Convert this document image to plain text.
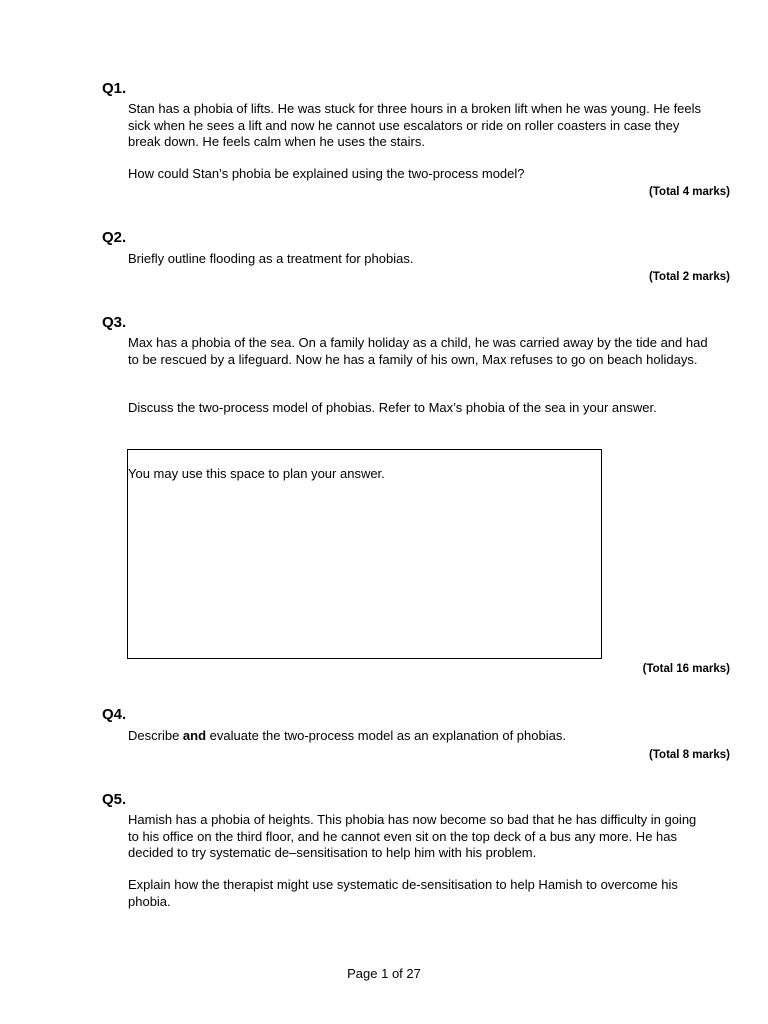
Q1.
Stan has a phobia of lifts. He was stuck for three hours in a broken lift when he was young. He feels sick when he sees a lift and now he cannot use escalators or ride on roller coasters in case they break down. He feels calm when he uses the stairs.
How could Stan’s phobia be explained using the two-process model?
(Total 4 marks)
Q2.
Briefly outline flooding as a treatment for phobias.
(Total 2 marks)
Q3.
Max has a phobia of the sea. On a family holiday as a child, he was carried away by the tide and had to be rescued by a lifeguard. Now he has a family of his own, Max refuses to go on beach holidays.
Discuss the two-process model of phobias. Refer to Max’s phobia of the sea in your answer.
You may use this space to plan your answer.
(Total 16 marks)
Q4.
Describe and evaluate the two-process model as an explanation of phobias.
(Total 8 marks)
Q5.
Hamish has a phobia of heights. This phobia has now become so bad that he has difficulty in going to his office on the third floor, and he cannot even sit on the top deck of a bus any more. He has decided to try systematic de–sensitisation to help him with his problem.
Explain how the therapist might use systematic de-sensitisation to help Hamish to overcome his phobia.
Page 1 of 27
